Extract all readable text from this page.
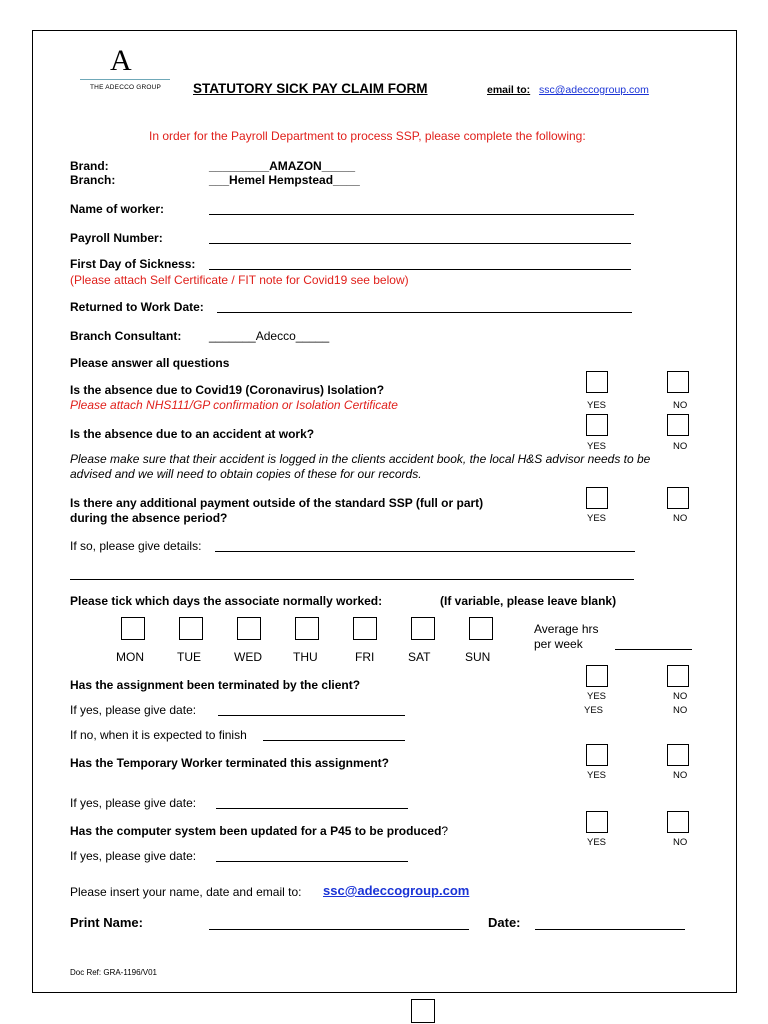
A
THE ADECCO GROUP STATUTORY SICK PAY CLAIM FORM	email to: ssc@adeccogroup.com
In order for the Payroll Department to process SSP, please complete the following:
Brand:	_________AMAZON_____
Branch:	___Hemel Hempstead____
Name of worker:
Payroll Number:
First Day of Sickness:
(Please attach Self Certificate / FIT note for Covid19 see below)
Returned to Work Date:
Branch Consultant: _______Adecco_____
Please answer all questions
Is the absence due to Covid19 (Coronavirus) Isolation?
Please attach NHS111/GP confirmation or Isolation Certificate	YES	NO
Is the absence due to an accident at work?
YES	NO
Please make sure that their accident is logged in the clients accident book, the local H&S advisor needs to be
advised and we will need to obtain copies of these for our records.
Is there any additional payment outside of the standard SSP (full or part)
during the absence period?	YES	NO
If so, please give details:
Please tick which days the associate normally worked:	(If variable, please leave blank)
MON	TUE	WED	THU	FRI	SAT	SUN
Average hrs
per week
Has the assignment been terminated by the client?
YES	NO
YES	NO
If yes, please give date:
If no, when it is expected to finish
Has the Temporary Worker terminated this assignment?
YES	NO
If yes, please give date:
Has the computer system been updated for a P45 to be produced?
YES	NO
If yes, please give date:
Please insert your name, date and email to: ssc@adeccogroup.com
Print Name:	Date:
Doc Ref: GRA-1196/V01
